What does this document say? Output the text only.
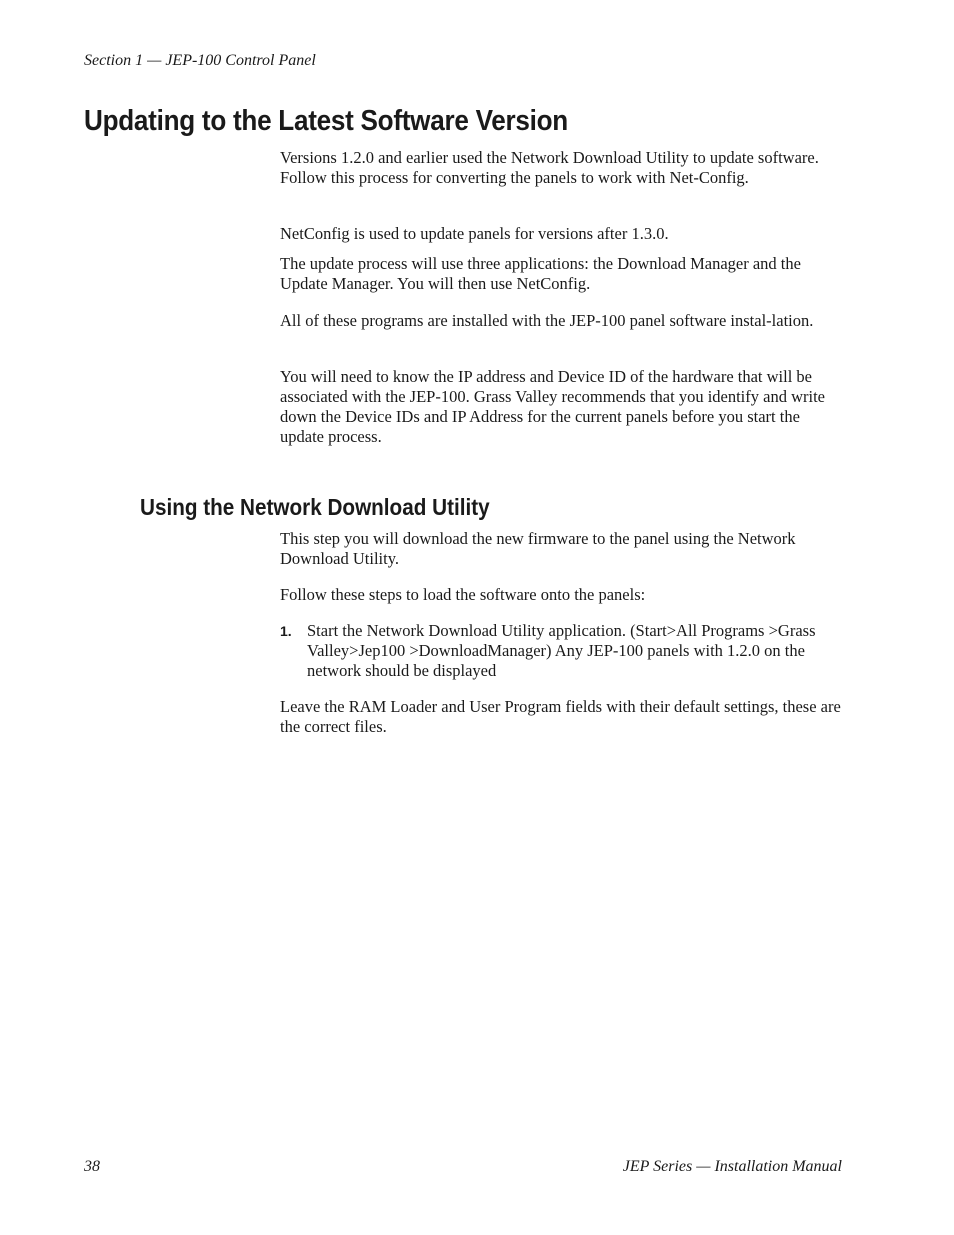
Section 1 — JEP-100 Control Panel

Updating to the Latest Software Version

Versions 1.2.0 and earlier used the Network Download Utility to update software. Follow this process for converting the panels to work with Net-Config.

NetConfig is used to update panels for versions after 1.3.0.

The update process will use three applications: the Download Manager and the Update Manager. You will then use NetConfig.

All of these programs are installed with the JEP-100 panel software instal-lation.

You will need to know the IP address and Device ID of the hardware that will be associated with the JEP-100. Grass Valley recommends that you identify and write down the Device IDs and IP Address for the current panels before you start the update process.

Using the Network Download Utility

This step you will download the new firmware to the panel using the Network Download Utility.

Follow these steps to load the software onto the panels:

1. Start the Network Download Utility application. (Start>All Programs >Grass Valley>Jep100 >DownloadManager) Any JEP-100 panels with 1.2.0 on the network should be displayed

Leave the RAM Loader and User Program fields with their default settings, these are the correct files.

38	JEP Series — Installation Manual
